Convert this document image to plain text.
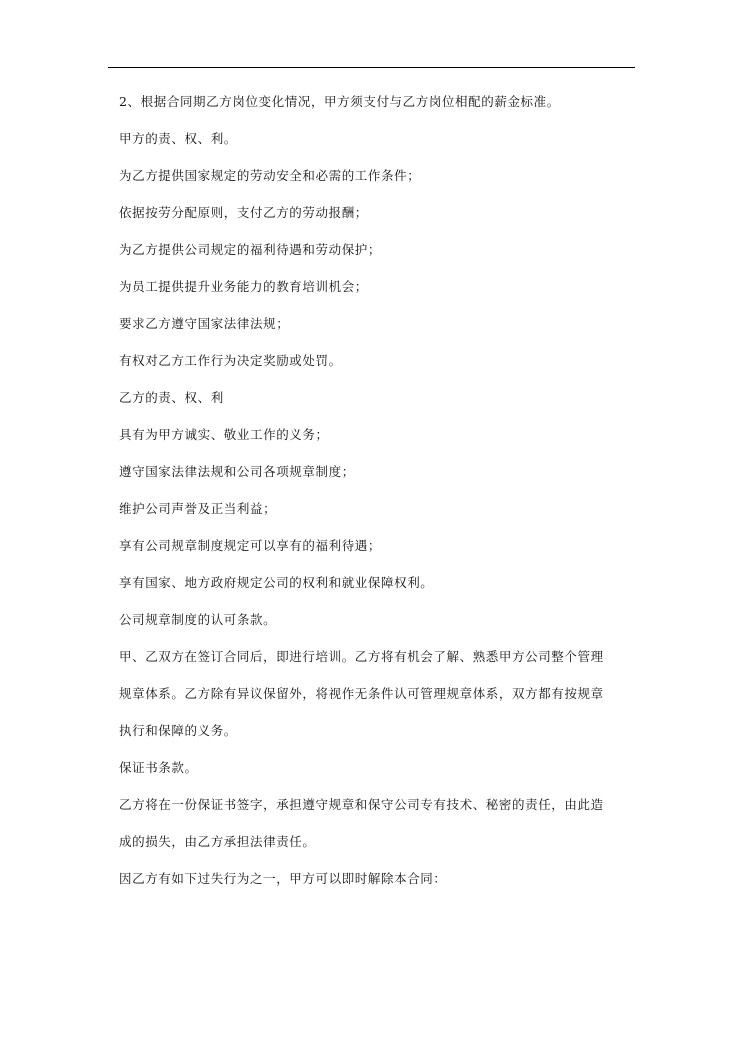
2、根据合同期乙方岗位变化情况，甲方须支付与乙方岗位相配的薪金标准。
甲方的责、权、利。
为乙方提供国家规定的劳动安全和必需的工作条件；
依据按劳分配原则，支付乙方的劳动报酬；
为乙方提供公司规定的福利待遇和劳动保护；
为员工提供提升业务能力的教育培训机会；
要求乙方遵守国家法律法规；
有权对乙方工作行为决定奖励或处罚。
乙方的责、权、利
具有为甲方诚实、敬业工作的义务；
遵守国家法律法规和公司各项规章制度；
维护公司声誉及正当利益；
享有公司规章制度规定可以享有的福利待遇；
享有国家、地方政府规定公司的权利和就业保障权利。
公司规章制度的认可条款。
甲、乙双方在签订合同后，即进行培训。乙方将有机会了解、熟悉甲方公司整个管理
规章体系。乙方除有异议保留外，将视作无条件认可管理规章体系，双方都有按规章
执行和保障的义务。
保证书条款。
乙方将在一份保证书签字，承担遵守规章和保守公司专有技术、秘密的责任，由此造
成的损失，由乙方承担法律责任。
因乙方有如下过失行为之一，甲方可以即时解除本合同：
